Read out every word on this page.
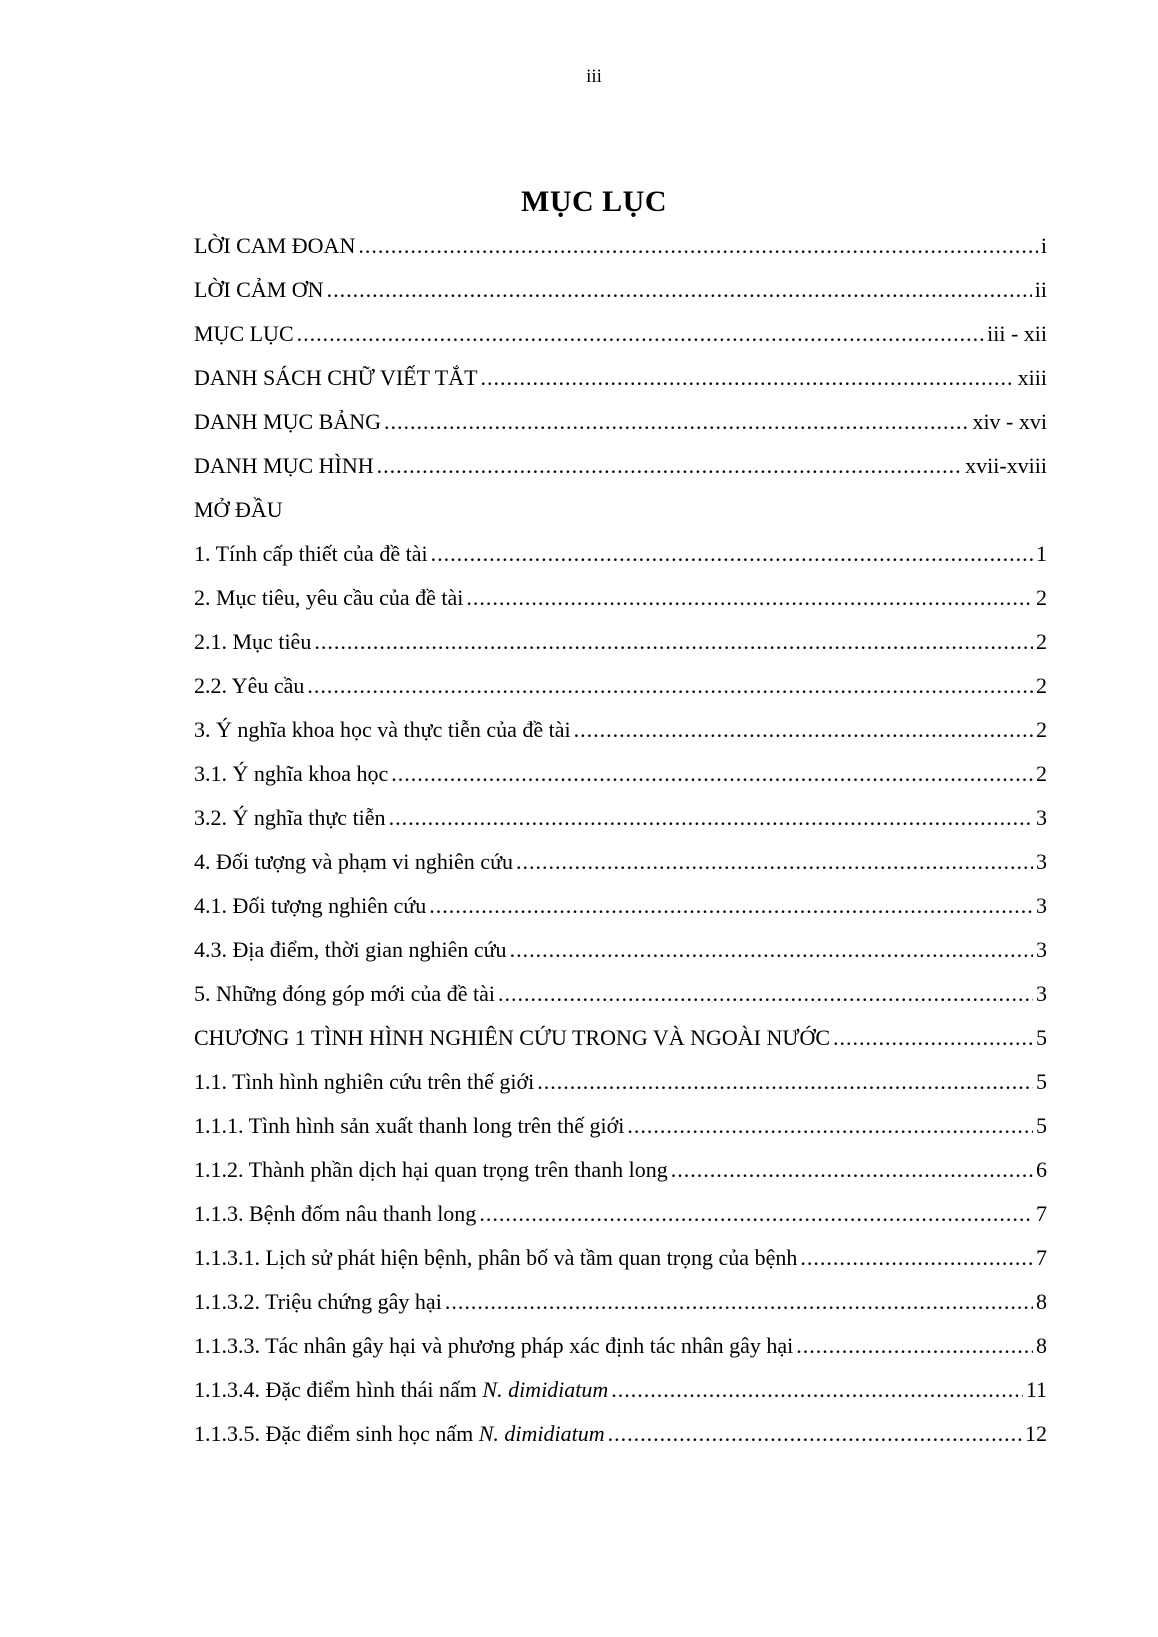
iii
MỤC LỤC
LỜI CAM ĐOAN .....	i
LỜI CẢM ƠN .....	ii
MỤC LỤC .....	iii - xii
DANH SÁCH CHỮ VIẾT TẮT .....	xiii
DANH MỤC BẢNG .....	xiv - xvi
DANH MỤC HÌNH .....	xvii-xviii
MỞ ĐẦU
1. Tính cấp thiết của đề tài .....	1
2. Mục tiêu, yêu cầu của đề tài .....	2
2.1. Mục tiêu .....	2
2.2. Yêu cầu .....	2
3. Ý nghĩa khoa học và thực tiễn của đề tài .....	2
3.1. Ý nghĩa khoa học .....	2
3.2. Ý nghĩa thực tiễn .....	3
4. Đối tượng và phạm vi nghiên cứu .....	3
4.1. Đối tượng nghiên cứu .....	3
4.3. Địa điểm, thời gian nghiên cứu .....	3
5. Những đóng góp mới của đề tài .....	3
CHƯƠNG 1 TÌNH HÌNH NGHIÊN CỨU TRONG VÀ NGOÀI NƯỚC .....	5
1.1. Tình hình nghiên cứu trên thế giới .....	5
1.1.1. Tình hình sản xuất thanh long trên thế giới .....	5
1.1.2. Thành phần dịch hại quan trọng trên thanh long .....	6
1.1.3. Bệnh đốm nâu thanh long .....	7
1.1.3.1. Lịch sử phát hiện bệnh, phân bố và tầm quan trọng của bệnh .....	7
1.1.3.2. Triệu chứng gây hại .....	8
1.1.3.3. Tác nhân gây hại và phương pháp xác định tác nhân gây hại .....	8
1.1.3.4. Đặc điểm hình thái nấm N. dimidiatum .....	11
1.1.3.5. Đặc điểm sinh học nấm N. dimidiatum .....	12
